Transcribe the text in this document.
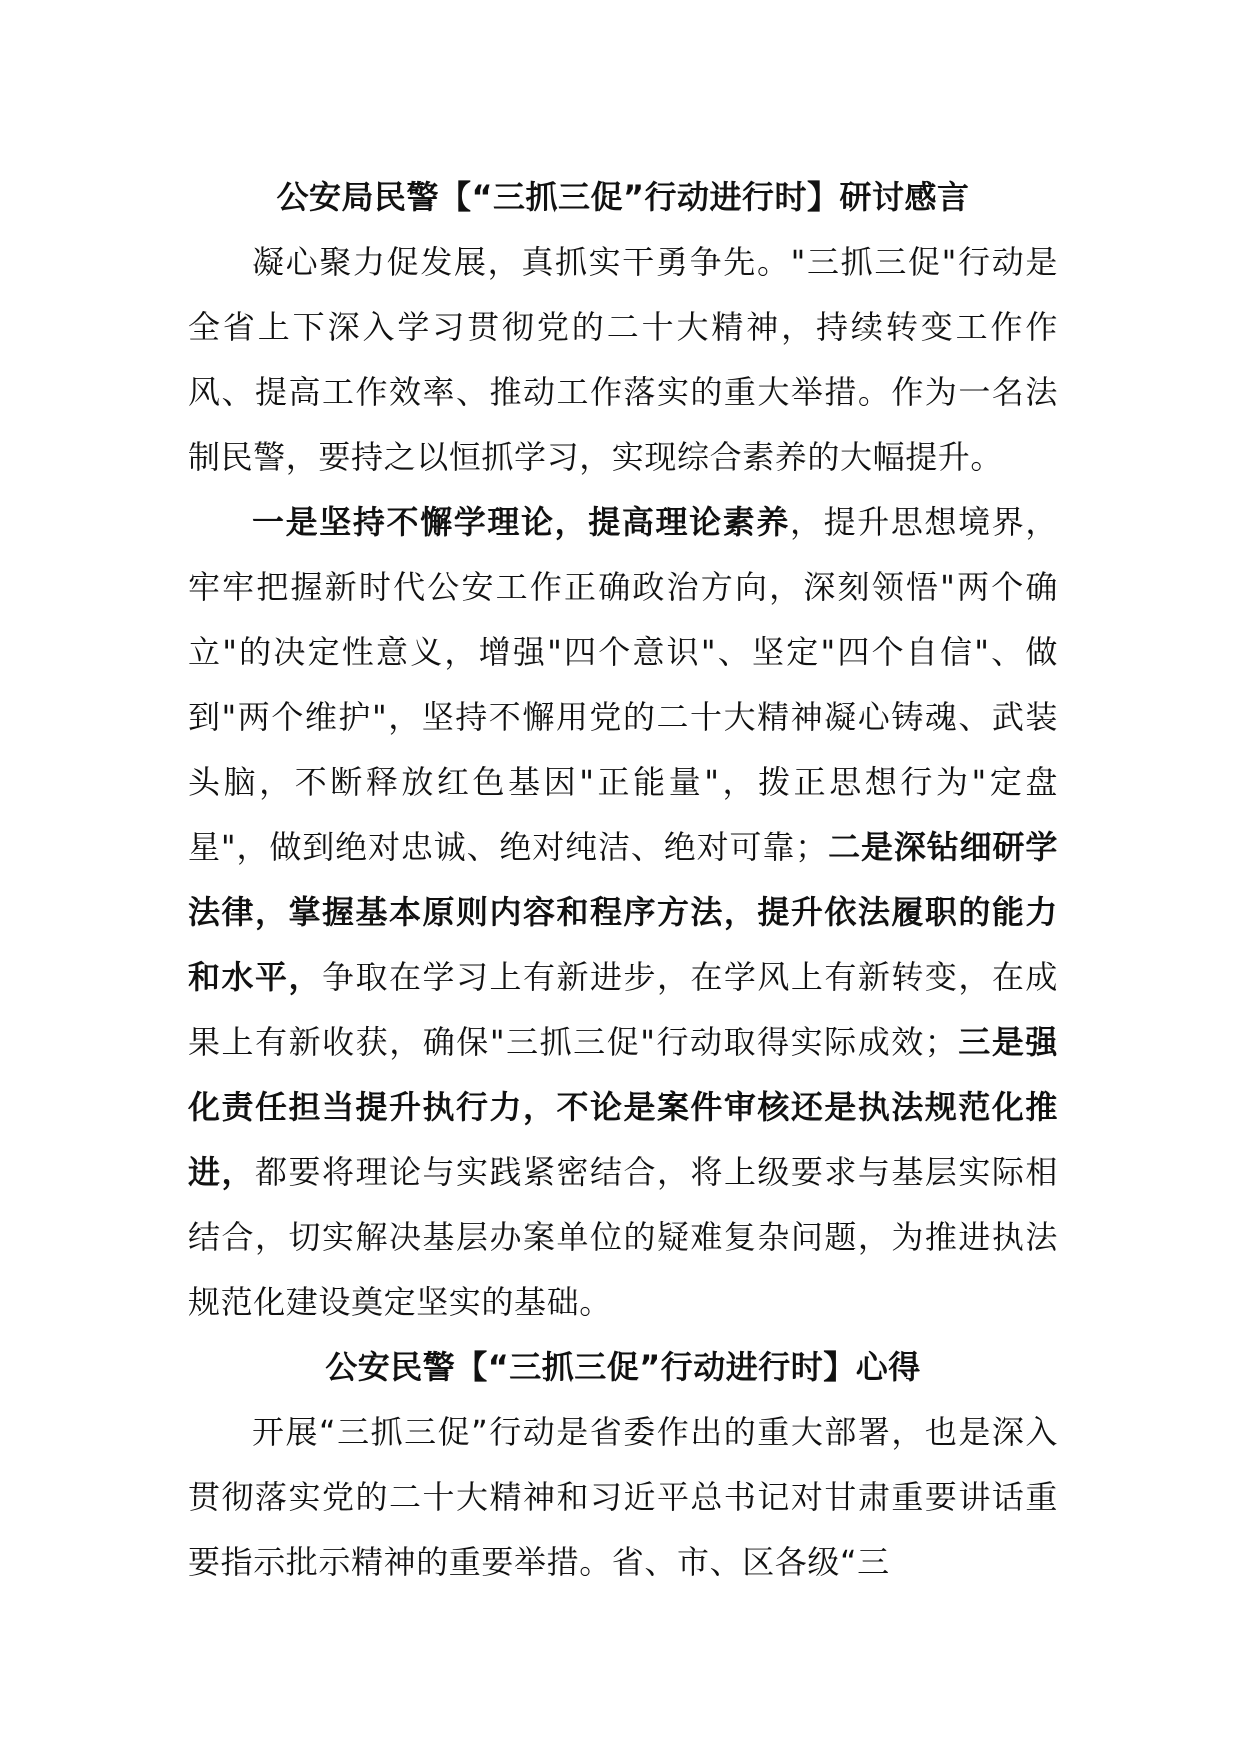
公安局民警【“三抓三促”行动进行时】研讨感言

凝心聚力促发展，真抓实干勇争先。"三抓三促"行动是全省上下深入学习贯彻党的二十大精神，持续转变工作作风、提高工作效率、推动工作落实的重大举措。作为一名法制民警，要持之以恒抓学习，实现综合素养的大幅提升。

一是坚持不懈学理论，提高理论素养，提升思想境界，牢牢把握新时代公安工作正确政治方向，深刻领悟"两个确立"的决定性意义，增强"四个意识"、坚定"四个自信"、做到"两个维护"，坚持不懈用党的二十大精神凝心铸魂、武装头脑，不断释放红色基因"正能量"，拨正思想行为"定盘星"，做到绝对忠诚、绝对纯洁、绝对可靠；二是深钻细研学法律，掌握基本原则内容和程序方法，提升依法履职的能力和水平，争取在学习上有新进步，在学风上有新转变，在成果上有新收获，确保"三抓三促"行动取得实际成效；三是强化责任担当提升执行力，不论是案件审核还是执法规范化推进，都要将理论与实践紧密结合，将上级要求与基层实际相结合，切实解决基层办案单位的疑难复杂问题，为推进执法规范化建设奠定坚实的基础。

公安民警【“三抓三促”行动进行时】心得

开展“三抓三促”行动是省委作出的重大部署，也是深入贯彻落实党的二十大精神和习近平总书记对甘肃重要讲话重要指示批示精神的重要举措。省、市、区各级“三
